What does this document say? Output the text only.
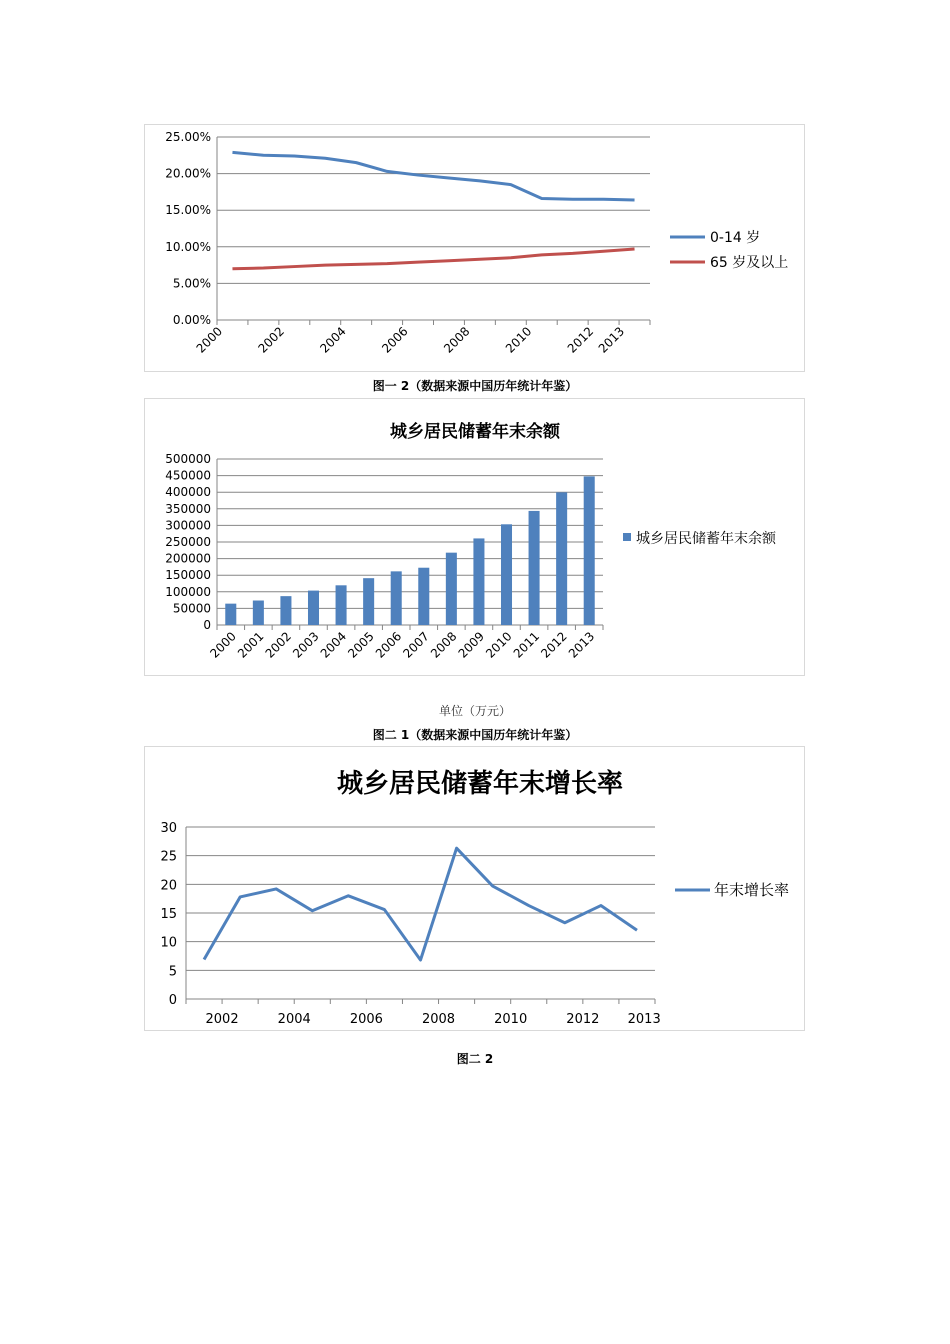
0.00%
5.00%
10.00%
15.00%
20.00%
25.00%
2000	2002	2004	2006	2008	2010	2012 2013
0-14 岁
65 岁及以上
图一 2（数据来源中国历年统计年鉴）
城乡居民储蓄年末余额
0
50000
100000
150000
200000
250000
300000
350000
400000
450000
500000
2000
2001
2002
2003
2004
2005
2006
2007
2008
2009
2010
2011
2012
2013
城乡居民储蓄年末余额
单位（万元）
图二 1（数据来源中国历年统计年鉴）
城乡居民储蓄年末增长率
0
5
10
15
20
25
30
2002	2004	2006	2008	2010	2012 2013
年末增长率
图二 2
